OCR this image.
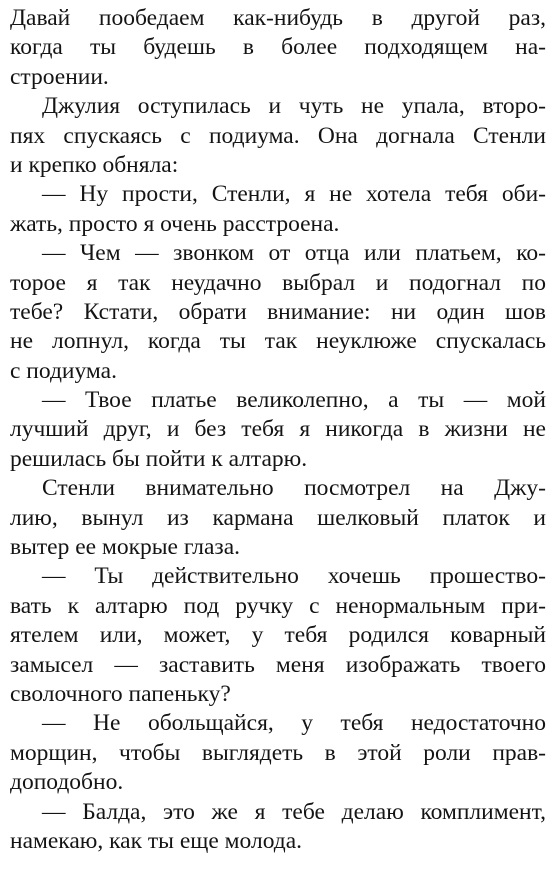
Давай пообедаем как-нибудь в другой раз,
когда ты будешь в более подходящем на-
строении.

Джулия оступилась и чуть не упала, второ-
пях спускаясь с подиума. Она догнала Стенли
и крепко обняла:

— Ну прости, Стенли, я не хотела тебя оби-
жать, просто я очень расстроена.

— Чем — звонком от отца или платьем, ко-
торое я так неудачно выбрал и подогнал по
тебе? Кстати, обрати внимание: ни один шов
не лопнул, когда ты так неуклюже спускалась
с подиума.

— Твое платье великолепно, а ты — мой
лучший друг, и без тебя я никогда в жизни не
решилась бы пойти к алтарю.

Стенли внимательно посмотрел на Джу-
лию, вынул из кармана шелковый платок и
вытер ее мокрые глаза.

— Ты действительно хочешь прошество-
вать к алтарю под ручку с ненормальным при-
ятелем или, может, у тебя родился коварный
замысел — заставить меня изображать твоего
сволочного папеньку?

— Не обольщайся, у тебя недостаточно
морщин, чтобы выглядеть в этой роли прав-
доподобно.

— Балда, это же я тебе делаю комплимент,
намекаю, как ты еще молода.
